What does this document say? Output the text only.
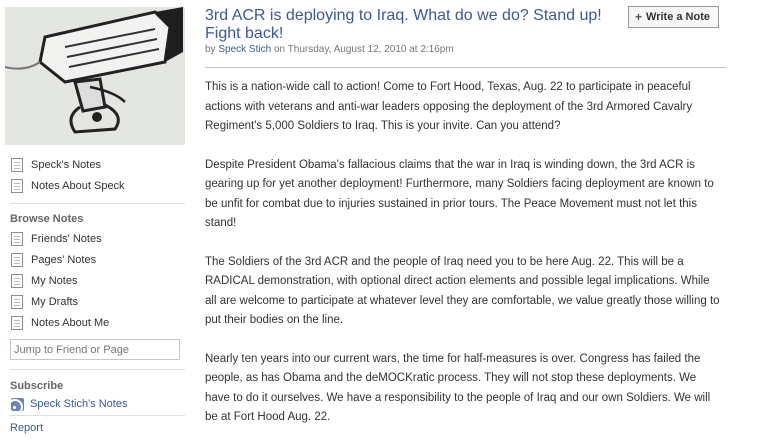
Speck's Notes
Notes About Speck
Browse Notes
Friends' Notes
Pages' Notes
My Notes
My Drafts
Notes About Me
Jump to Friend or Page
Subscribe
Speck Stich's Notes
Report
3rd ACR is deploying to Iraq. What do we do? Stand up! Fight back!
by Speck Stich on Thursday, August 12, 2010 at 2:16pm

This is a nation-wide call to action! Come to Fort Hood, Texas, Aug. 22 to participate in peaceful actions with veterans and anti-war leaders opposing the deployment of the 3rd Armored Cavalry Regiment's 5,000 Soldiers to Iraq. This is your invite. Can you attend?

Despite President Obama's fallacious claims that the war in Iraq is winding down, the 3rd ACR is gearing up for yet another deployment! Furthermore, many Soldiers facing deployment are known to be unfit for combat due to injuries sustained in prior tours. The Peace Movement must not let this stand!

The Soldiers of the 3rd ACR and the people of Iraq need you to be here Aug. 22. This will be a RADICAL demonstration, with optional direct action elements and possible legal implications. While all are welcome to participate at whatever level they are comfortable, we value greatly those willing to put their bodies on the line.

Nearly ten years into our current wars, the time for half-measures is over. Congress has failed the people, as has Obama and the deMOCKratic process. They will not stop these deployments. We have to do it ourselves. We have a responsibility to the people of Iraq and our own Soldiers. We will be at Fort Hood Aug. 22.

+ Write a Note
